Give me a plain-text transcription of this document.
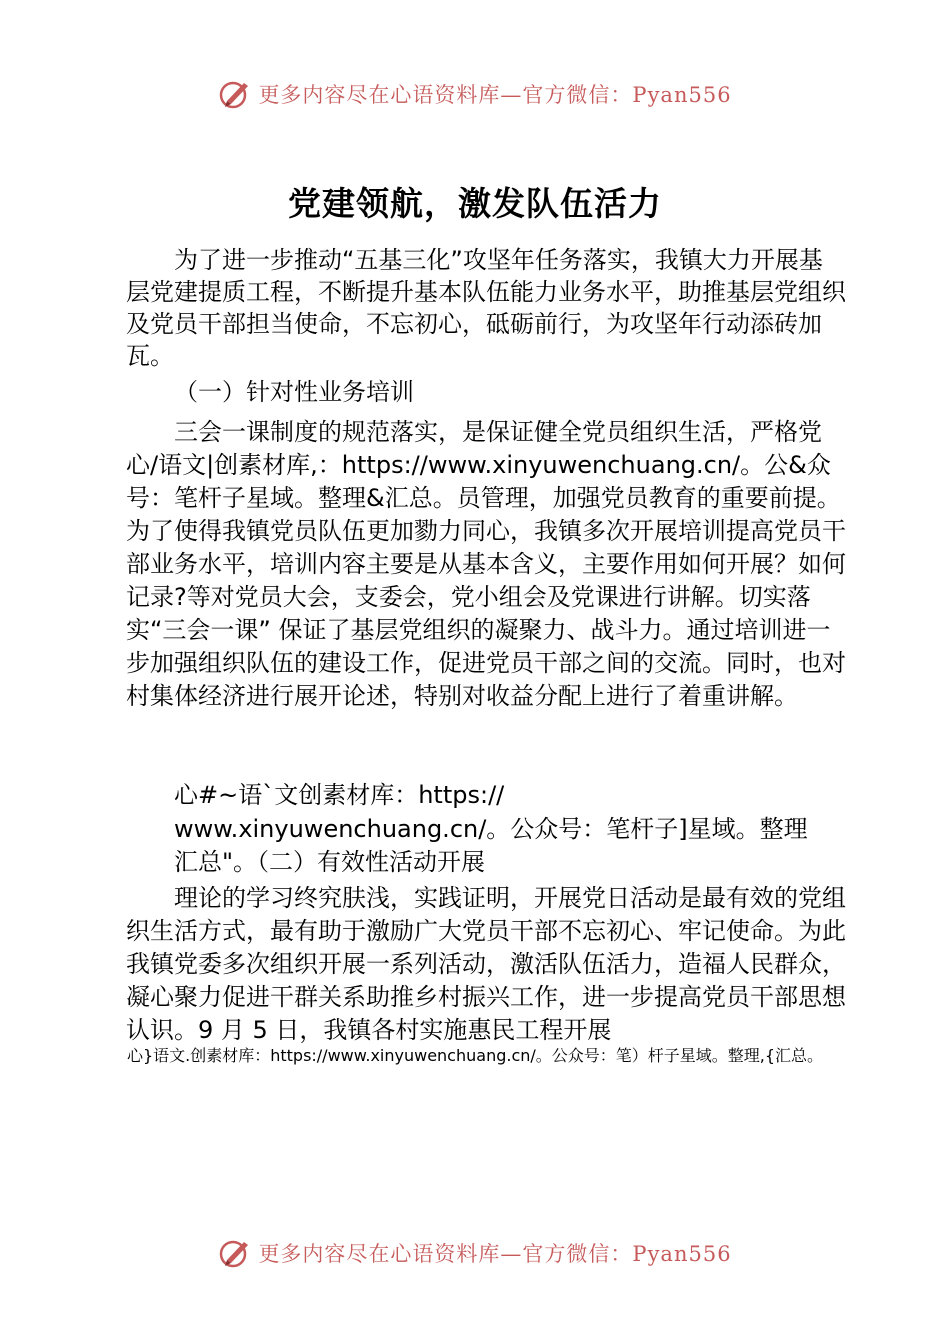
更多内容尽在心语资料库—官方微信：Pyan556
党建领航，激发队伍活力

为了进一步推动“五基三化”攻坚年任务落实，我镇大力开展基层党建提质工程，不断提升基本队伍能力业务水平，助推基层党组织及党员干部担当使命，不忘初心，砥砺前行，为攻坚年行动添砖加瓦。

（一）针对性业务培训

三会一课制度的规范落实，是保证健全党员组织生活，严格党心/语文|创素材库,：https://www.xinyuwenchuang.cn/。公&众号：笔杆子星域。整理&汇总。员管理，加强党员教育的重要前提。为了使得我镇党员队伍更加勠力同心，我镇多次开展培训提高党员干部业务水平，培训内容主要是从基本含义，主要作用如何开展？如何记录?等对党员大会，支委会，党小组会及党课进行讲解。切实落实“三会一课” 保证了基层党组织的凝聚力、战斗力。通过培训进一步加强组织队伍的建设工作，促进党员干部之间的交流。同时，也对村集体经济进行展开论述，特别对收益分配上进行了着重讲解。

心#~语`文创素材库：https://

www.xinyuwenchuang.cn/。公众号：笔杆子]星域。整理

汇总"。（二）有效性活动开展

理论的学习终究肤浅，实践证明，开展党日活动是最有效的党组织生活方式，最有助于激励广大党员干部不忘初心、牢记使命。为此我镇党委多次组织开展一系列活动，激活队伍活力，造福人民群众，凝心聚力促进干群关系助推乡村振兴工作，进一步提高党员干部思想认识。9 月 5 日，我镇各村实施惠民工程开展

心}语文.创素材库：https://www.xinyuwenchuang.cn/。公众号：笔）杆子星域。整理,{汇总。
更多内容尽在心语资料库—官方微信：Pyan556
